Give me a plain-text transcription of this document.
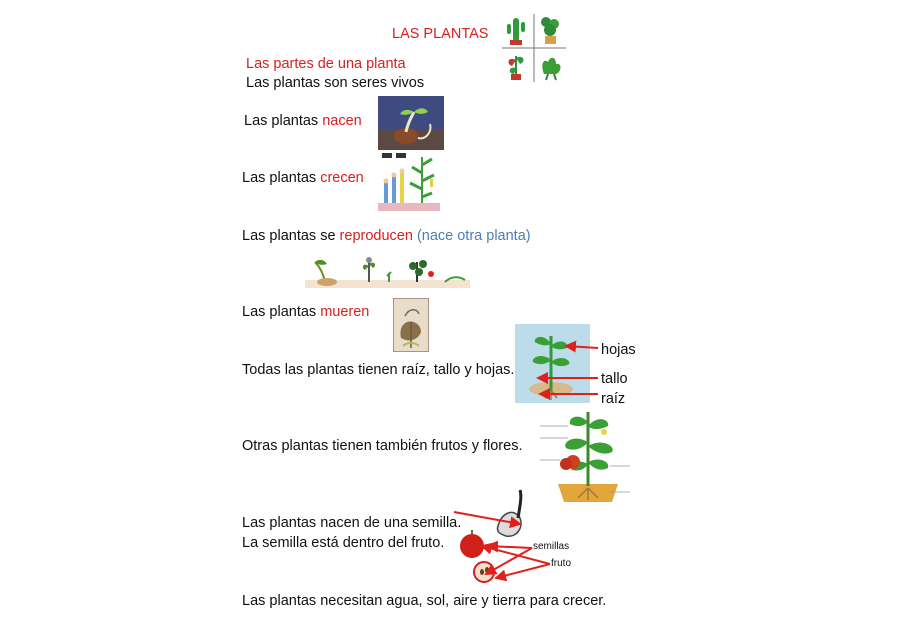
LAS PLANTAS
Las partes de una planta
Las plantas son seres vivos
Las plantas nacen
Las plantas crecen
Las plantas se reproducen (nace otra planta)
Las plantas mueren
Todas las plantas tienen raíz, tallo y hojas.
hojas
tallo
raíz
Otras plantas tienen también frutos y flores.
Las plantas nacen de una semilla.
La semilla está dentro del fruto.	semillas
fruto
Las plantas necesitan agua, sol, aire y tierra para crecer.
